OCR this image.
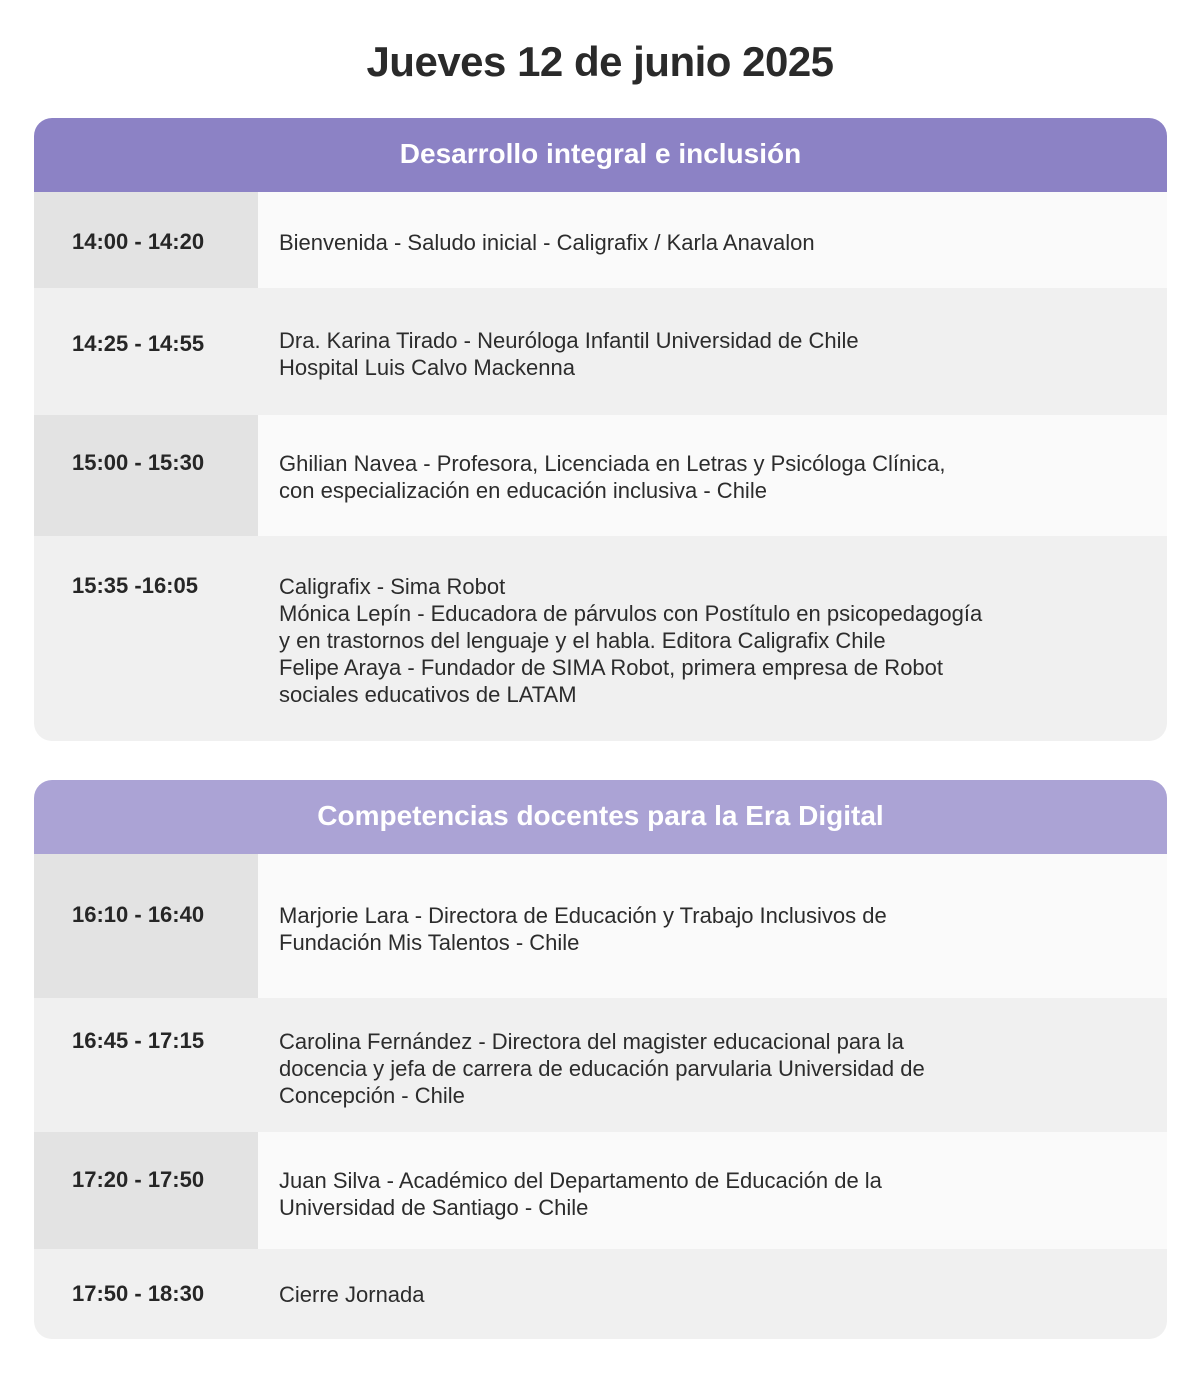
Jueves 12 de junio 2025
Desarrollo integral e inclusión
14:00 - 14:20	Bienvenida - Saludo inicial - Caligrafix / Karla Anavalon
14:25 - 14:55	Dra. Karina Tirado - Neuróloga Infantil Universidad de Chile
Hospital Luis Calvo Mackenna
15:00 - 15:30	Ghilian Navea - Profesora, Licenciada en Letras y Psicóloga Clínica,
con especialización en educación inclusiva - Chile
15:35 -16:05	Caligrafix - Sima Robot
Mónica Lepín - Educadora de párvulos con Postítulo en psicopedagogía
y en trastornos del lenguaje y el habla. Editora Caligrafix Chile
Felipe Araya - Fundador de SIMA Robot, primera empresa de Robot
sociales educativos de LATAM
Competencias docentes para la Era Digital
16:10 - 16:40	Marjorie Lara - Directora de Educación y Trabajo Inclusivos de
Fundación Mis Talentos - Chile
16:45 - 17:15	Carolina Fernández - Directora del magister educacional para la
docencia y jefa de carrera de educación parvularia Universidad de
Concepción - Chile
17:20 - 17:50	Juan Silva - Académico del Departamento de Educación de la
Universidad de Santiago - Chile
17:50 - 18:30	Cierre Jornada
